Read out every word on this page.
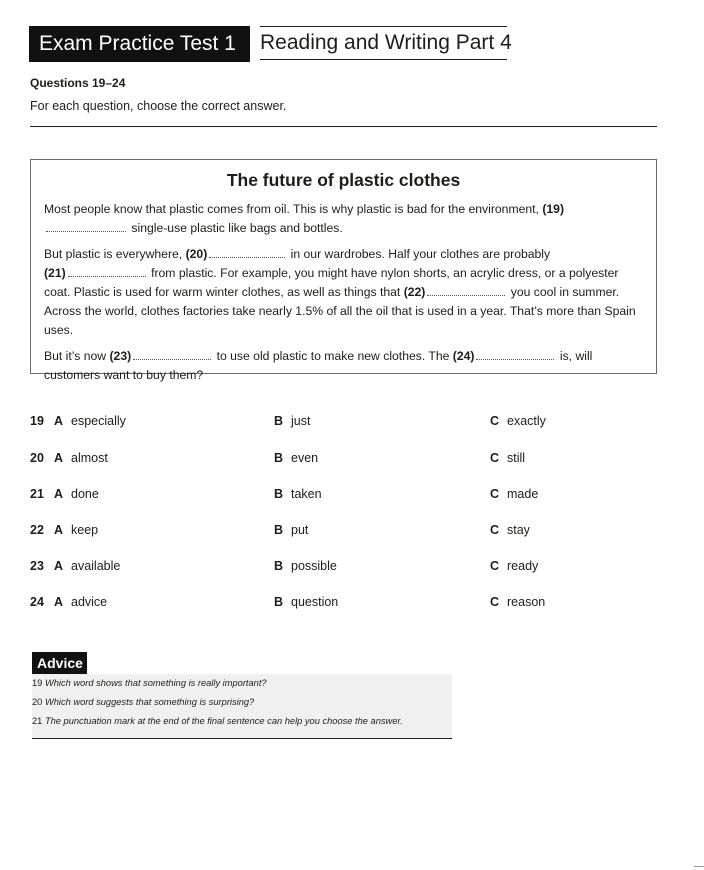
Exam Practice Test 1	Reading and Writing Part 4
Questions 19–24
For each question, choose the correct answer.
The future of plastic clothes

Most people know that plastic comes from oil. This is why plastic is bad for the environment, (19) single-use plastic like bags and bottles.

But plastic is everywhere, (20)	in our wardrobes. Half your clothes are probably
(21)	from plastic. For example, you might have nylon shorts, an acrylic dress, or a polyester coat. Plastic is used for warm winter clothes, as well as things that (22)	you cool in summer. Across the world, clothes factories take nearly 1.5% of all the oil that is used in a year. That’s more than Spain uses.

But it’s now (23)	to use old plastic to make new clothes. The (24)	is, will customers want to buy them?

19 A especially	B just	C exactly
20 A almost	B even	C still
21 A done	B taken	C made
22 A keep	B put	C stay
23 A available	B possible	C ready
24 A advice	B question	C reason
Advice
19 Which word shows that something is really important?
20 Which word suggests that something is surprising?
21 The punctuation mark at the end of the final sentence can help you choose the answer.
